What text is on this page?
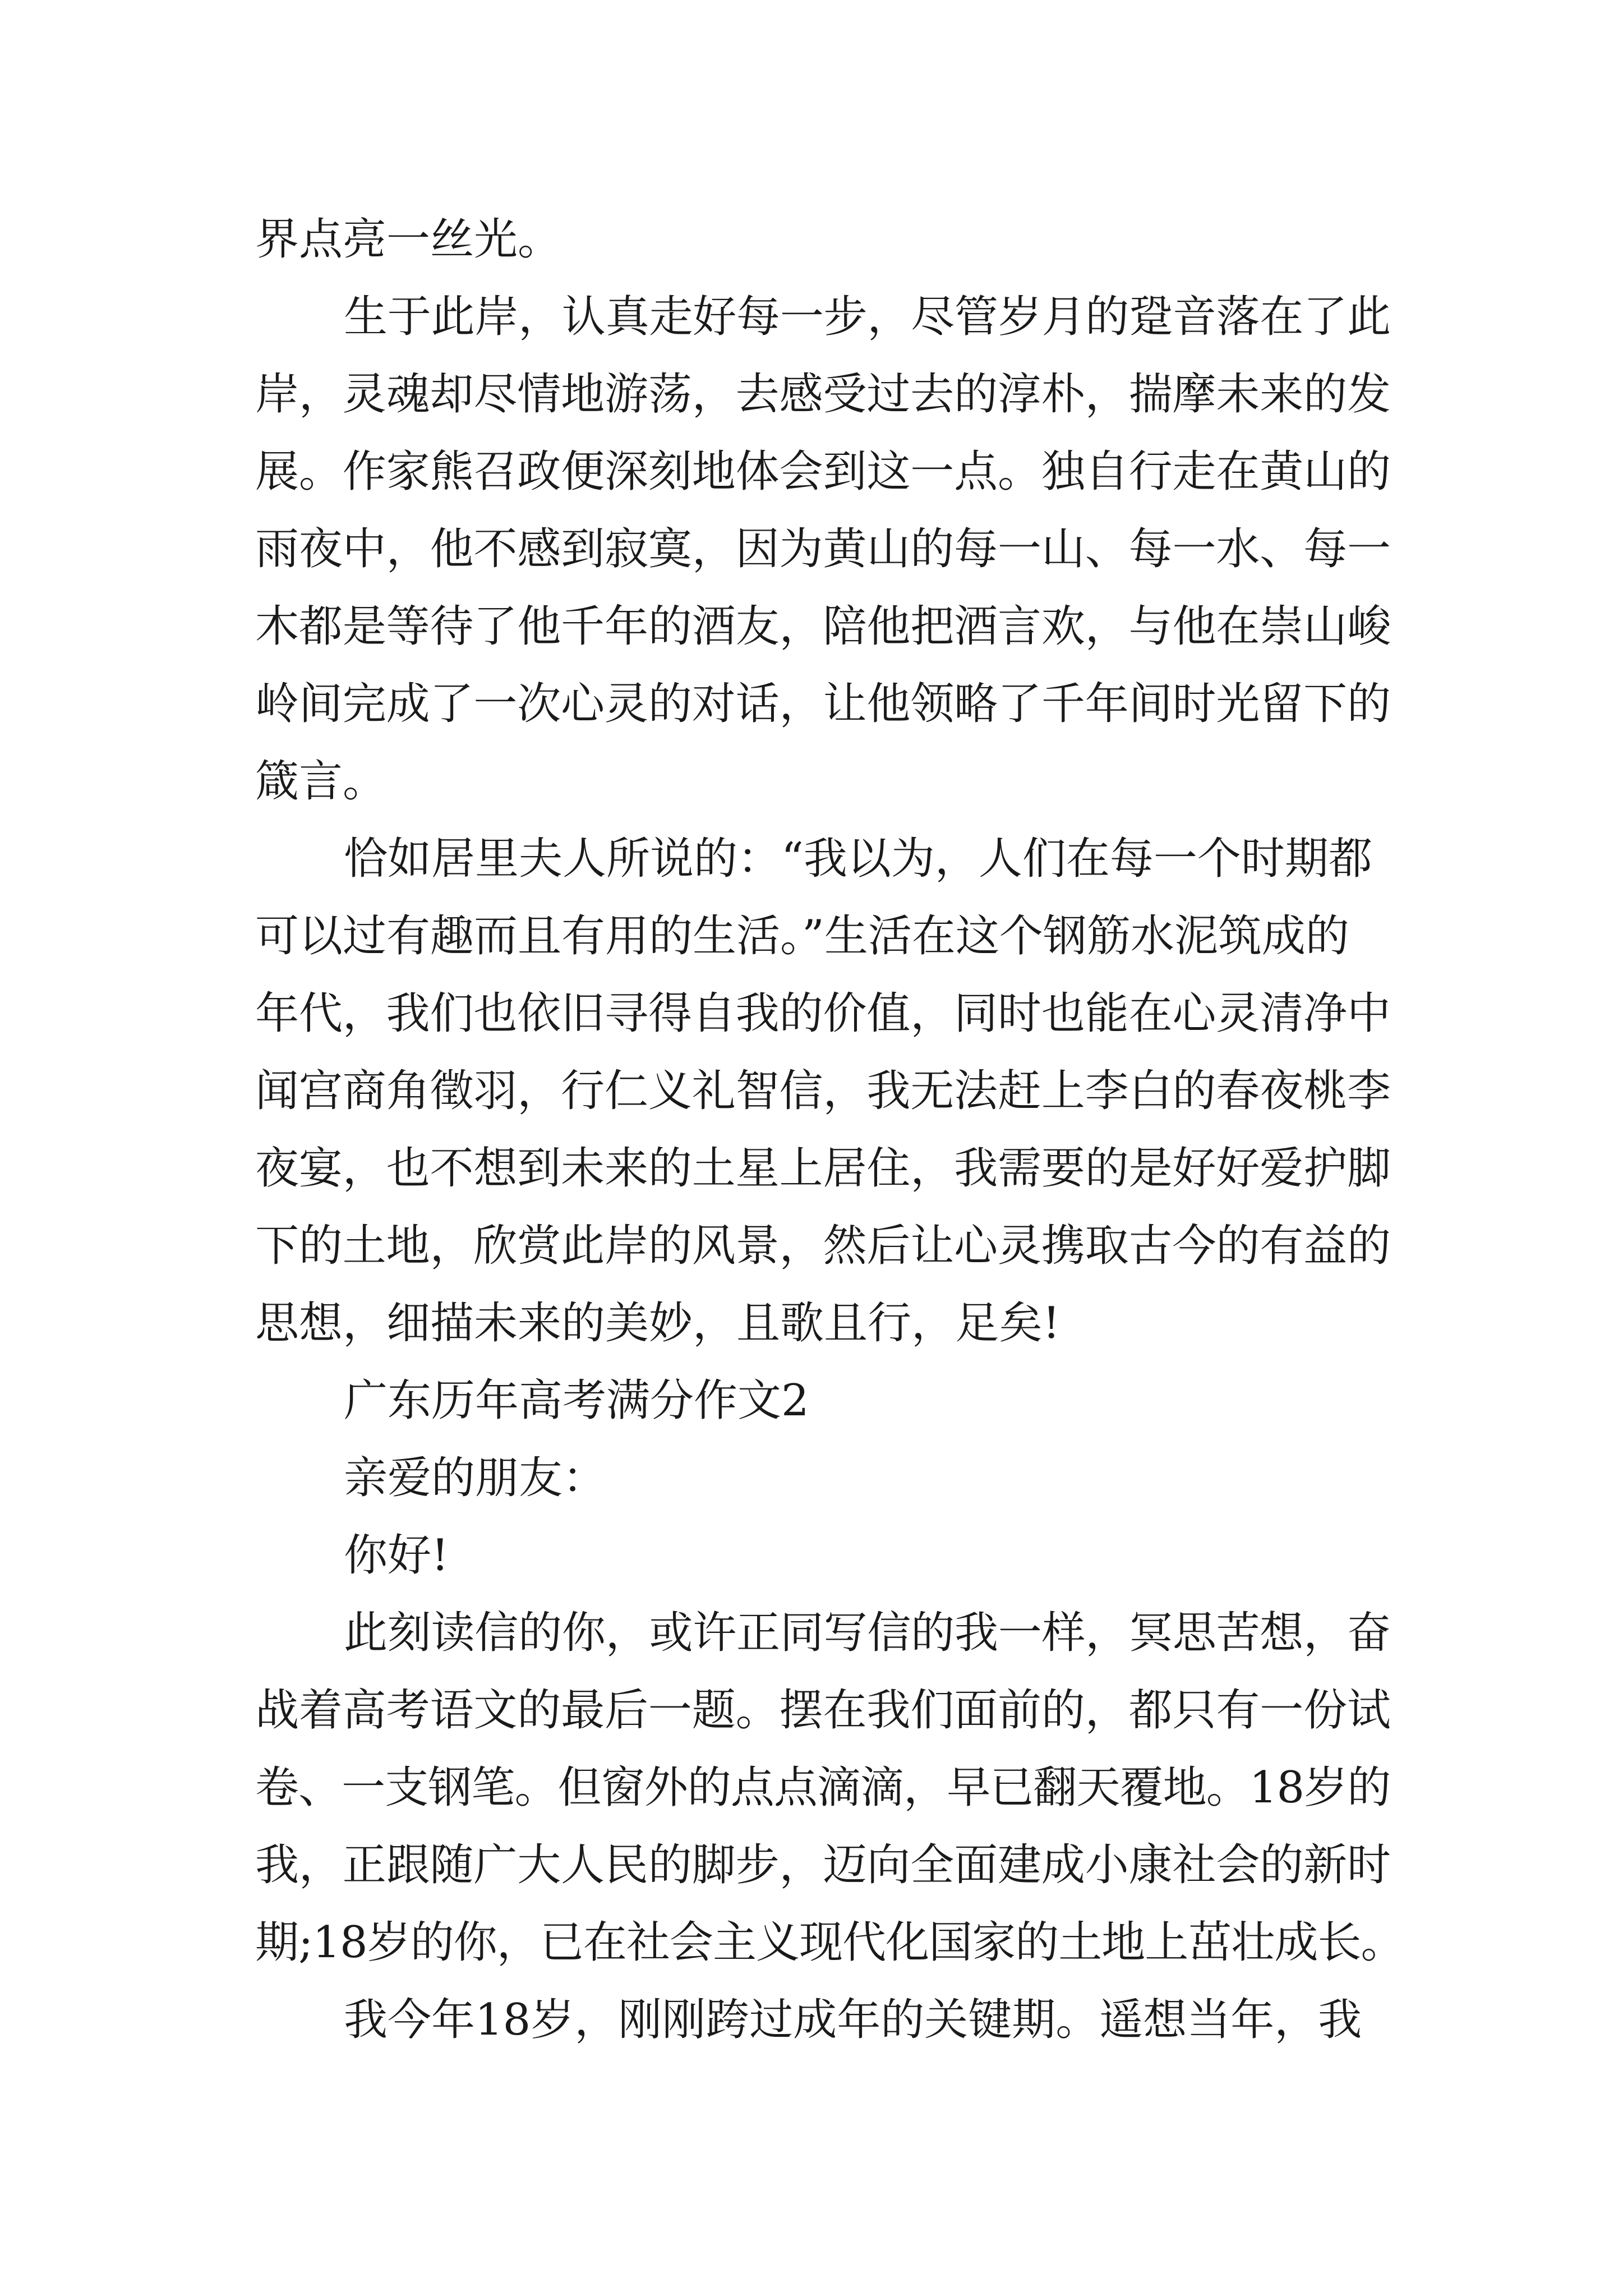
界点亮一丝光。
生于此岸，认真走好每一步，尽管岁月的跫音落在了此
岸，灵魂却尽情地游荡，去感受过去的淳朴，揣摩未来的发
展。作家熊召政便深刻地体会到这一点。独自行走在黄山的
雨夜中，他不感到寂寞，因为黄山的每一山、每一水、每一
木都是等待了他千年的酒友，陪他把酒言欢，与他在崇山峻
岭间完成了一次心灵的对话，让他领略了千年间时光留下的
箴言。
恰如居里夫人所说的：“我以为，人们在每一个时期都
可以过有趣而且有用的生活。”生活在这个钢筋水泥筑成的
年代，我们也依旧寻得自我的价值，同时也能在心灵清净中
闻宫商角徵羽，行仁义礼智信，我无法赶上李白的春夜桃李
夜宴，也不想到未来的土星上居住，我需要的是好好爱护脚
下的土地，欣赏此岸的风景，然后让心灵携取古今的有益的
思想，细描未来的美妙，且歌且行，足矣!
广东历年高考满分作文2
亲爱的朋友：
你好!
此刻读信的你，或许正同写信的我一样，冥思苦想，奋
战着高考语文的最后一题。摆在我们面前的，都只有一份试
卷、一支钢笔。但窗外的点点滴滴，早已翻天覆地。18岁的
我，正跟随广大人民的脚步，迈向全面建成小康社会的新时
期;18岁的你，已在社会主义现代化国家的土地上茁壮成长。
我今年18岁，刚刚跨过成年的关键期。遥想当年，我
